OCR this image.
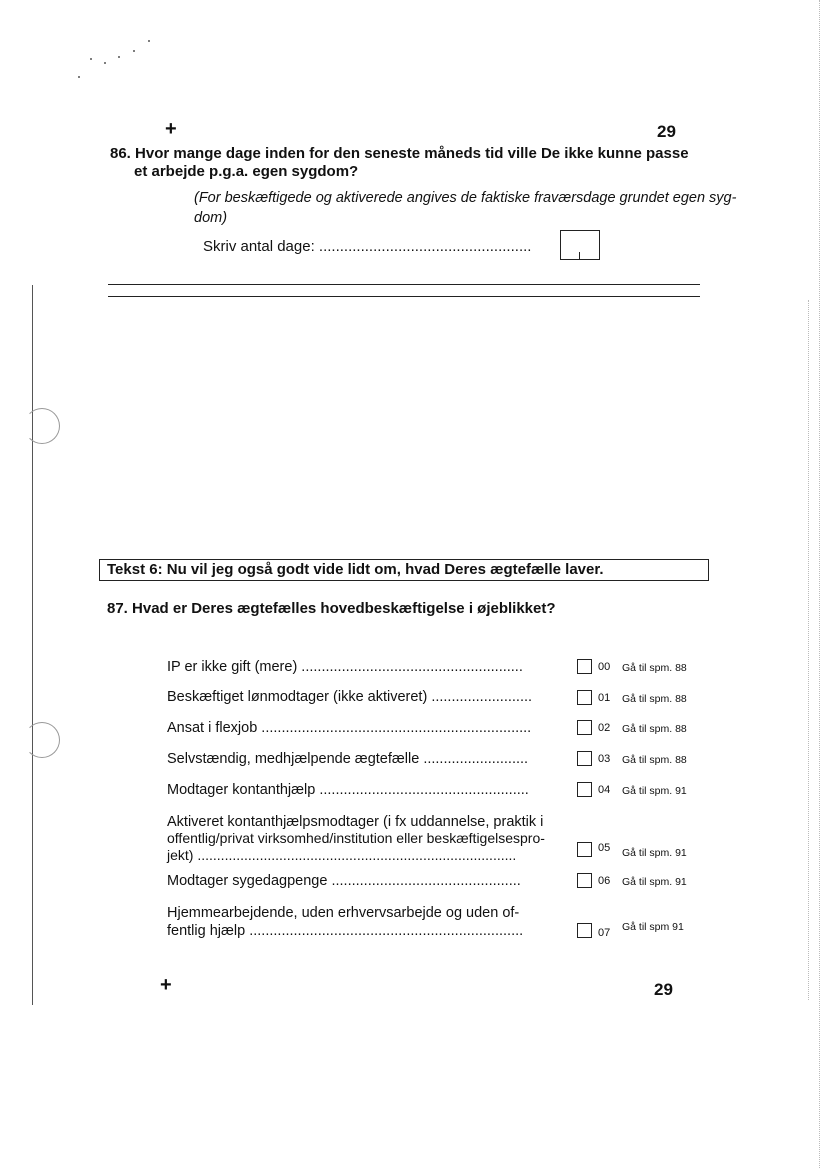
+	29
86. Hvor mange dage inden for den seneste måneds tid ville De ikke kunne passe
et arbejde p.g.a. egen sygdom?
(For beskæftigede og aktiverede angives de faktiske fraværsdage grundet egen syg-
dom)
Skriv antal dage: ...................................................
Tekst 6: Nu vil jeg også godt vide lidt om, hvad Deres ægtefælle laver.
87. Hvad er Deres ægtefælles hovedbeskæftigelse i øjeblikket?
IP er ikke gift (mere) .......................................................	00 Gå til spm. 88
Beskæftiget lønmodtager (ikke aktiveret) .........................	01 Gå til spm. 88
Ansat i flexjob ...................................................................	02 Gå til spm. 88
Selvstændig, medhjælpende ægtefælle ..........................	03 Gå til spm. 88
Modtager kontanthjælp ....................................................	04 Gå til spm. 91
Aktiveret kontanthjælpsmodtager (i fx uddannelse, praktik i
offentlig/privat virksomhed/institution eller beskæftigelsespro-
jekt) ..................................................................................	05 Gå til spm. 91
Modtager sygedagpenge ...............................................	06 Gå til spm. 91
Hjemmearbejdende, uden erhvervsarbejde og uden of-
fentlig hjælp ....................................................................	07 Gå til spm 91
+	29
